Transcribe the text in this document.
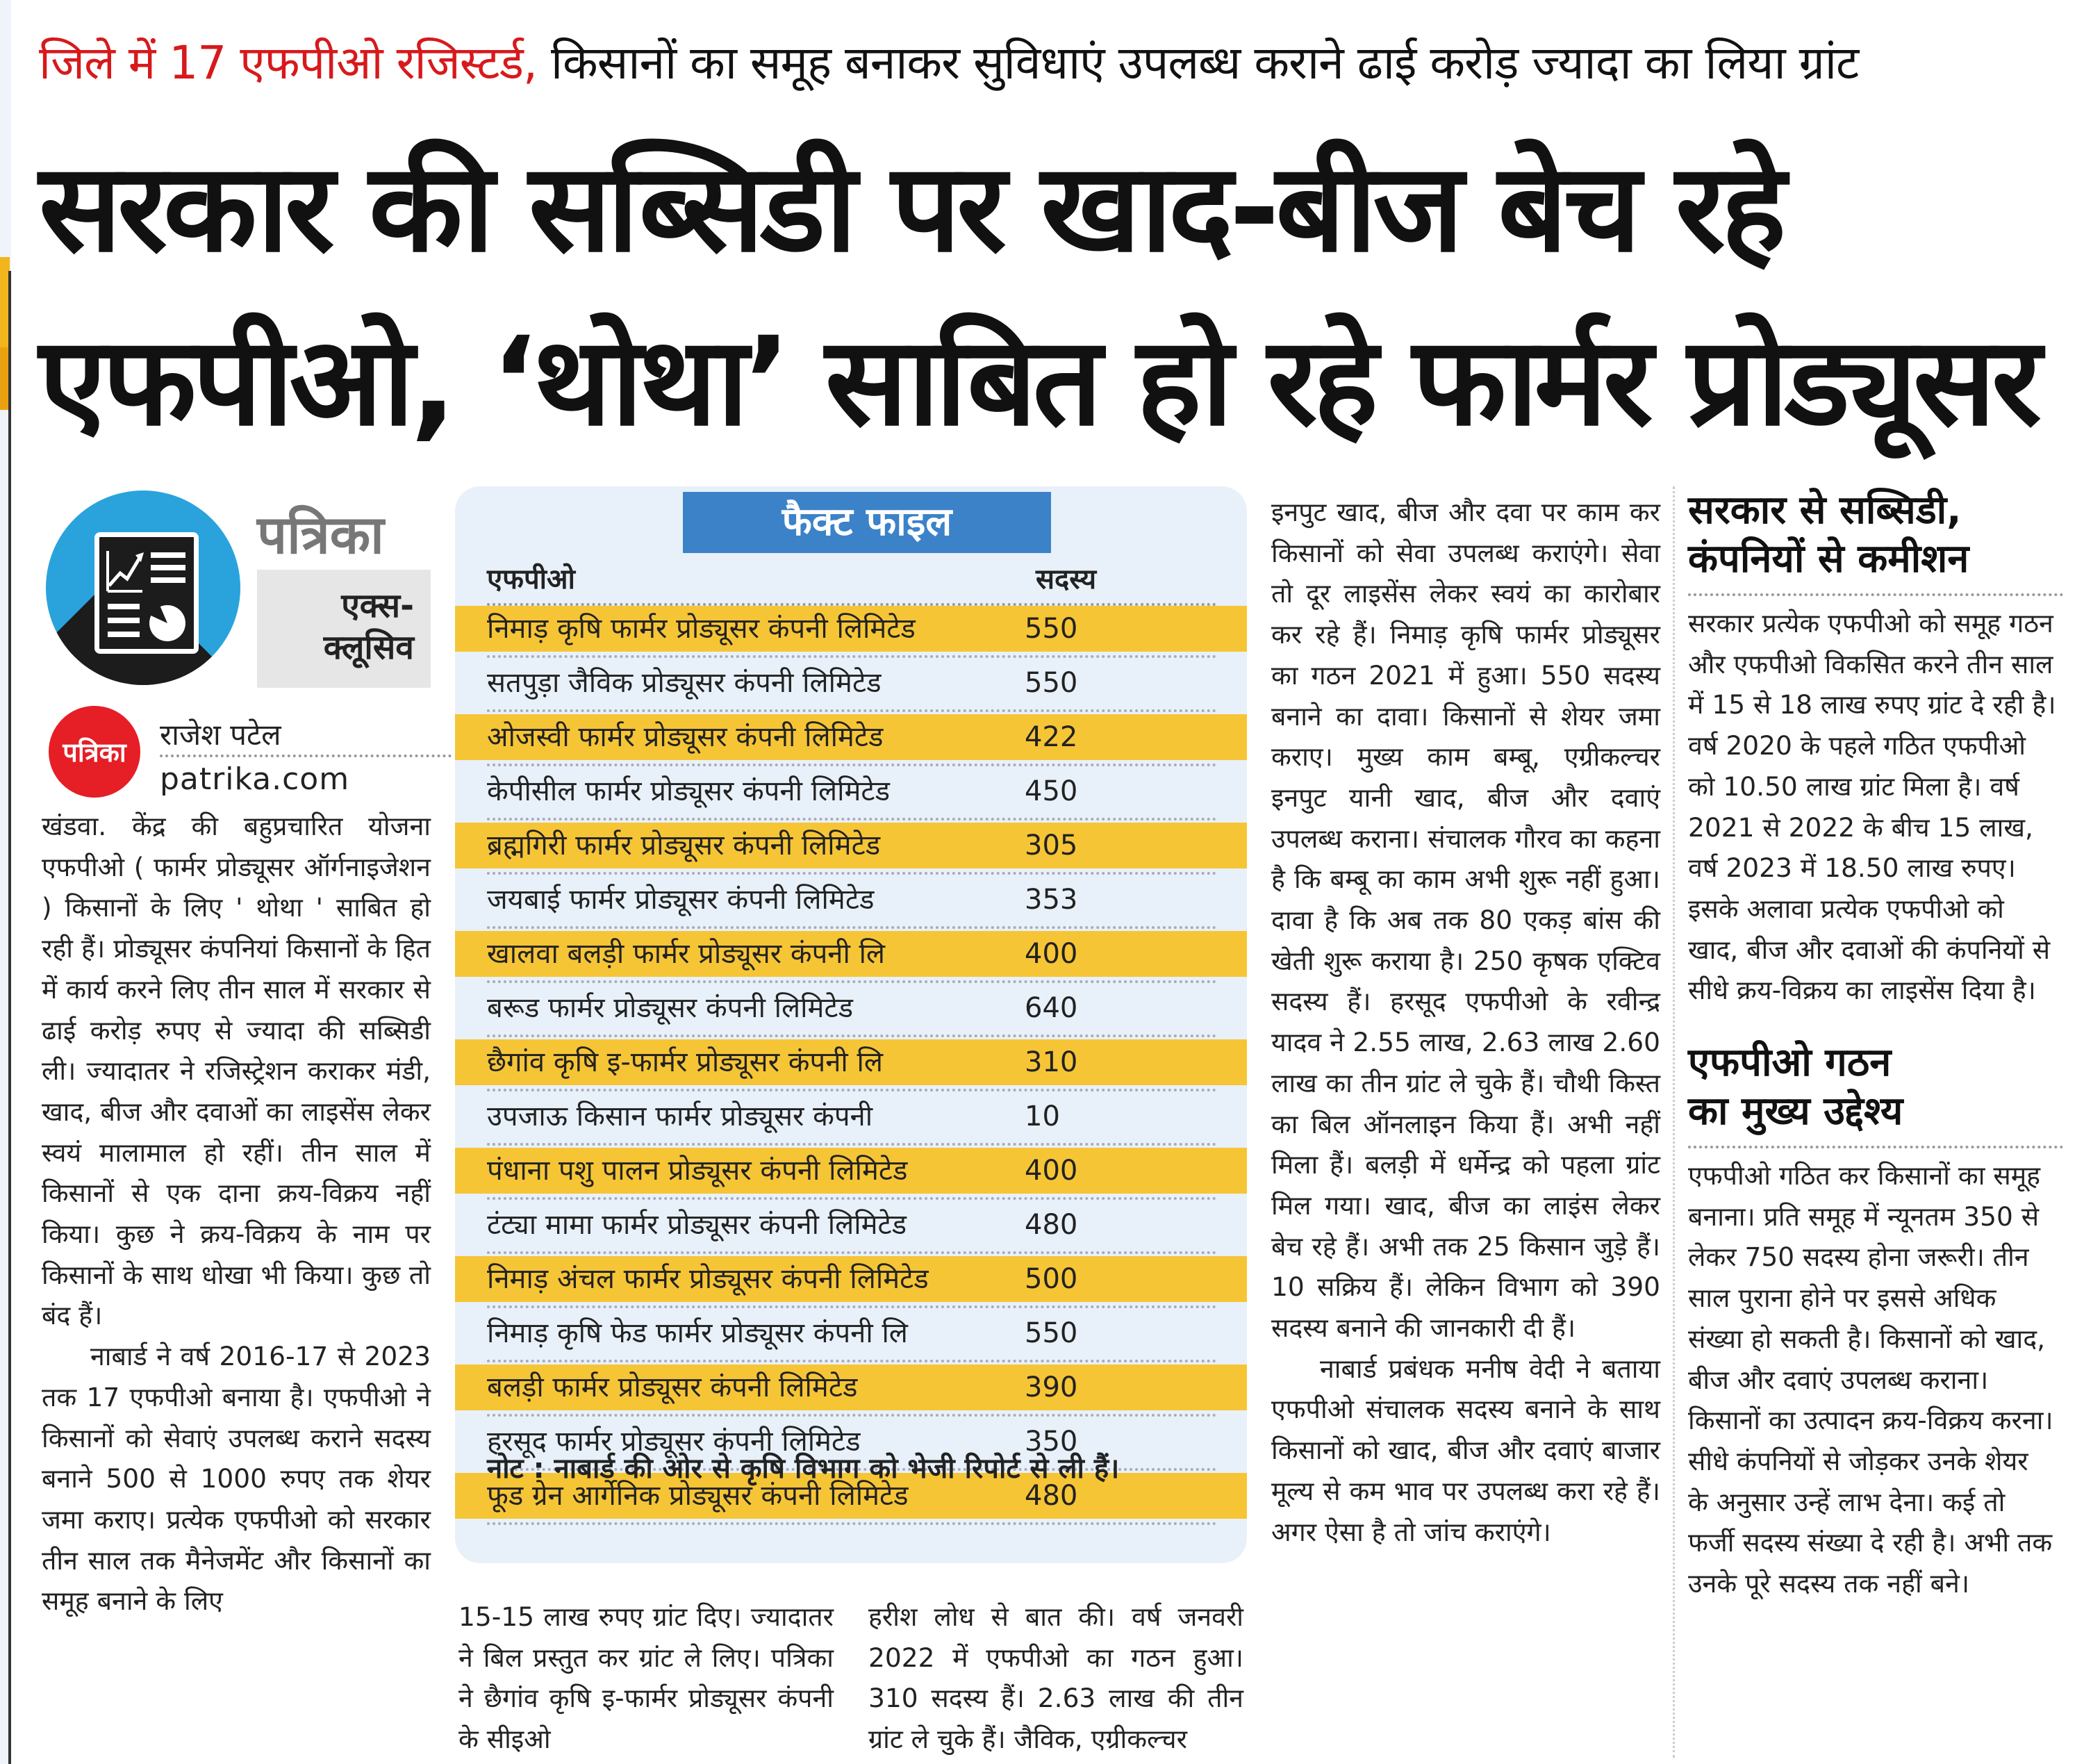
जिले में 17 एफपीओ रजिस्टर्ड, किसानों का समूह बनाकर सुविधाएं उपलब्ध कराने ढाई करोड़ ज्यादा का लिया ग्रांट
सरकार की सब्सिडी पर खाद-बीज बेच रहे
एफपीओ, ‘थोथा’ साबित हो रहे फार्मर प्रोड्यूसर
पत्रिका
एक्स-
क्लूसिव
पत्रिका
राजेश पटेल
patrika.com

खंडवा. केंद्र की बहुप्रचारित योजना एफपीओ ( फार्मर प्रोड्यूसर ऑर्गनाइजेशन ) किसानों के लिए ' थोथा ' साबित हो रही हैं। प्रोड्यूसर कंपनियां किसानों के हित में कार्य करने लिए तीन साल में सरकार से ढाई करोड़ रुपए से ज्यादा की सब्सिडी ली। ज्यादातर ने रजिस्ट्रेशन कराकर मंडी, खाद, बीज और दवाओं का लाइसेंस लेकर स्वयं मालामाल हो रहीं। तीन साल में किसानों से एक दाना क्रय-विक्रय नहीं किया। कुछ ने क्रय-विक्रय के नाम पर किसानों के साथ धोखा भी किया। कुछ तो बंद हैं।

नाबार्ड ने वर्ष 2016-17 से 2023 तक 17 एफपीओ बनाया है। एफपीओ ने किसानों को सेवाएं उपलब्ध कराने सदस्य बनाने 500 से 1000 रुपए तक शेयर जमा कराए। प्रत्येक एफपीओ को सरकार तीन साल तक मैनेजमेंट और किसानों का समूह बनाने के लिए

फैक्ट फाइल
एफपीओ	सदस्य
निमाड़ कृषि फार्मर प्रोड्यूसर कंपनी लिमिटेड	550
सतपुड़ा जैविक प्रोड्यूसर कंपनी लिमिटेड	550
ओजस्वी फार्मर प्रोड्यूसर कंपनी लिमिटेड	422
केपीसील फार्मर प्रोड्यूसर कंपनी लिमिटेड	450
ब्रह्मगिरी फार्मर प्रोड्यूसर कंपनी लिमिटेड	305
जयबाई फार्मर प्रोड्यूसर कंपनी लिमिटेड	353
खालवा बलड़ी फार्मर प्रोड्यूसर कंपनी लि	400
बरूड फार्मर प्रोड्यूसर कंपनी लिमिटेड	640
छैगांव कृषि इ-फार्मर प्रोड्यूसर कंपनी लि	310
उपजाऊ किसान फार्मर प्रोड्यूसर कंपनी	10
पंधाना पशु पालन प्रोड्यूसर कंपनी लिमिटेड	400
टंट्या मामा फार्मर प्रोड्यूसर कंपनी लिमिटेड	480
निमाड़ अंचल फार्मर प्रोड्यूसर कंपनी लिमिटेड	500
निमाड़ कृषि फेड फार्मर प्रोड्यूसर कंपनी लि	550
बलड़ी फार्मर प्रोड्यूसर कंपनी लिमिटेड	390
हरसूद फार्मर प्रोड्यूसर कंपनी लिमिटेड	350
फूड ग्रेन आर्गेनिक प्रोड्यूसर कंपनी लिमिटेड	480
नोट : नाबार्ड की ओर से कृषि विभाग को भेजी रिपोर्ट से ली हैं।

15-15 लाख रुपए ग्रांट दिए। ज्यादातर ने बिल प्रस्तुत कर ग्रांट ले लिए। पत्रिका ने छैगांव कृषि इ-फार्मर प्रोड्यूसर कंपनी के सीइओ

हरीश लोध से बात की। वर्ष जनवरी 2022 में एफपीओ का गठन हुआ। 310 सदस्य हैं। 2.63 लाख की तीन ग्रांट ले चुके हैं। जैविक, एग्रीकल्चर

इनपुट खाद, बीज और दवा पर काम कर किसानों को सेवा उपलब्ध कराएंगे। सेवा तो दूर लाइसेंस लेकर स्वयं का कारोबार कर रहे हैं। निमाड़ कृषि फार्मर प्रोड्यूसर का गठन 2021 में हुआ। 550 सदस्य बनाने का दावा। किसानों से शेयर जमा कराए। मुख्य काम बम्बू, एग्रीकल्चर इनपुट यानी खाद, बीज और दवाएं उपलब्ध कराना। संचालक गौरव का कहना है कि बम्बू का काम अभी शुरू नहीं हुआ। दावा है कि अब तक 80 एकड़ बांस की खेती शुरू कराया है। 250 कृषक एक्टिव सदस्य हैं। हरसूद एफपीओ के रवीन्द्र यादव ने 2.55 लाख, 2.63 लाख 2.60 लाख का तीन ग्रांट ले चुके हैं। चौथी किस्त का बिल ऑनलाइन किया हैं। अभी नहीं मिला हैं। बलड़ी में धर्मेन्द्र को पहला ग्रांट मिल गया। खाद, बीज का लाइंस लेकर बेच रहे हैं। अभी तक 25 किसान जुड़े हैं। 10 सक्रिय हैं। लेकिन विभाग को 390 सदस्य बनाने की जानकारी दी हैं।

नाबार्ड प्रबंधक मनीष वेदी ने बताया एफपीओ संचालक सदस्य बनाने के साथ किसानों को खाद, बीज और दवाएं बाजार मूल्य से कम भाव पर उपलब्ध करा रहे हैं। अगर ऐसा है तो जांच कराएंगे।

सरकार से सब्सिडी,
कंपनियों से कमीशन

सरकार प्रत्येक एफपीओ को समूह गठन और एफपीओ विकसित करने तीन साल में 15 से 18 लाख रुपए ग्रांट दे रही है। वर्ष 2020 के पहले गठित एफपीओ को 10.50 लाख ग्रांट मिला है। वर्ष 2021 से 2022 के बीच 15 लाख, वर्ष 2023 में 18.50 लाख रुपए। इसके अलावा प्रत्येक एफपीओ को खाद, बीज और दवाओं की कंपनियों से सीधे क्रय-विक्रय का लाइसेंस दिया है।

एफपीओ गठन
का मुख्य उद्देश्य

एफपीओ गठित कर किसानों का समूह बनाना। प्रति समूह में न्यूनतम 350 से लेकर 750 सदस्य होना जरूरी। तीन साल पुराना होने पर इससे अधिक संख्या हो सकती है। किसानों को खाद, बीज और दवाएं उपलब्ध कराना। किसानों का उत्पादन क्रय-विक्रय करना। सीधे कंपनियों से जोड़कर उनके शेयर के अनुसार उन्हें लाभ देना। कई तो फर्जी सदस्य संख्या दे रही है। अभी तक उनके पूरे सदस्य तक नहीं बने।
